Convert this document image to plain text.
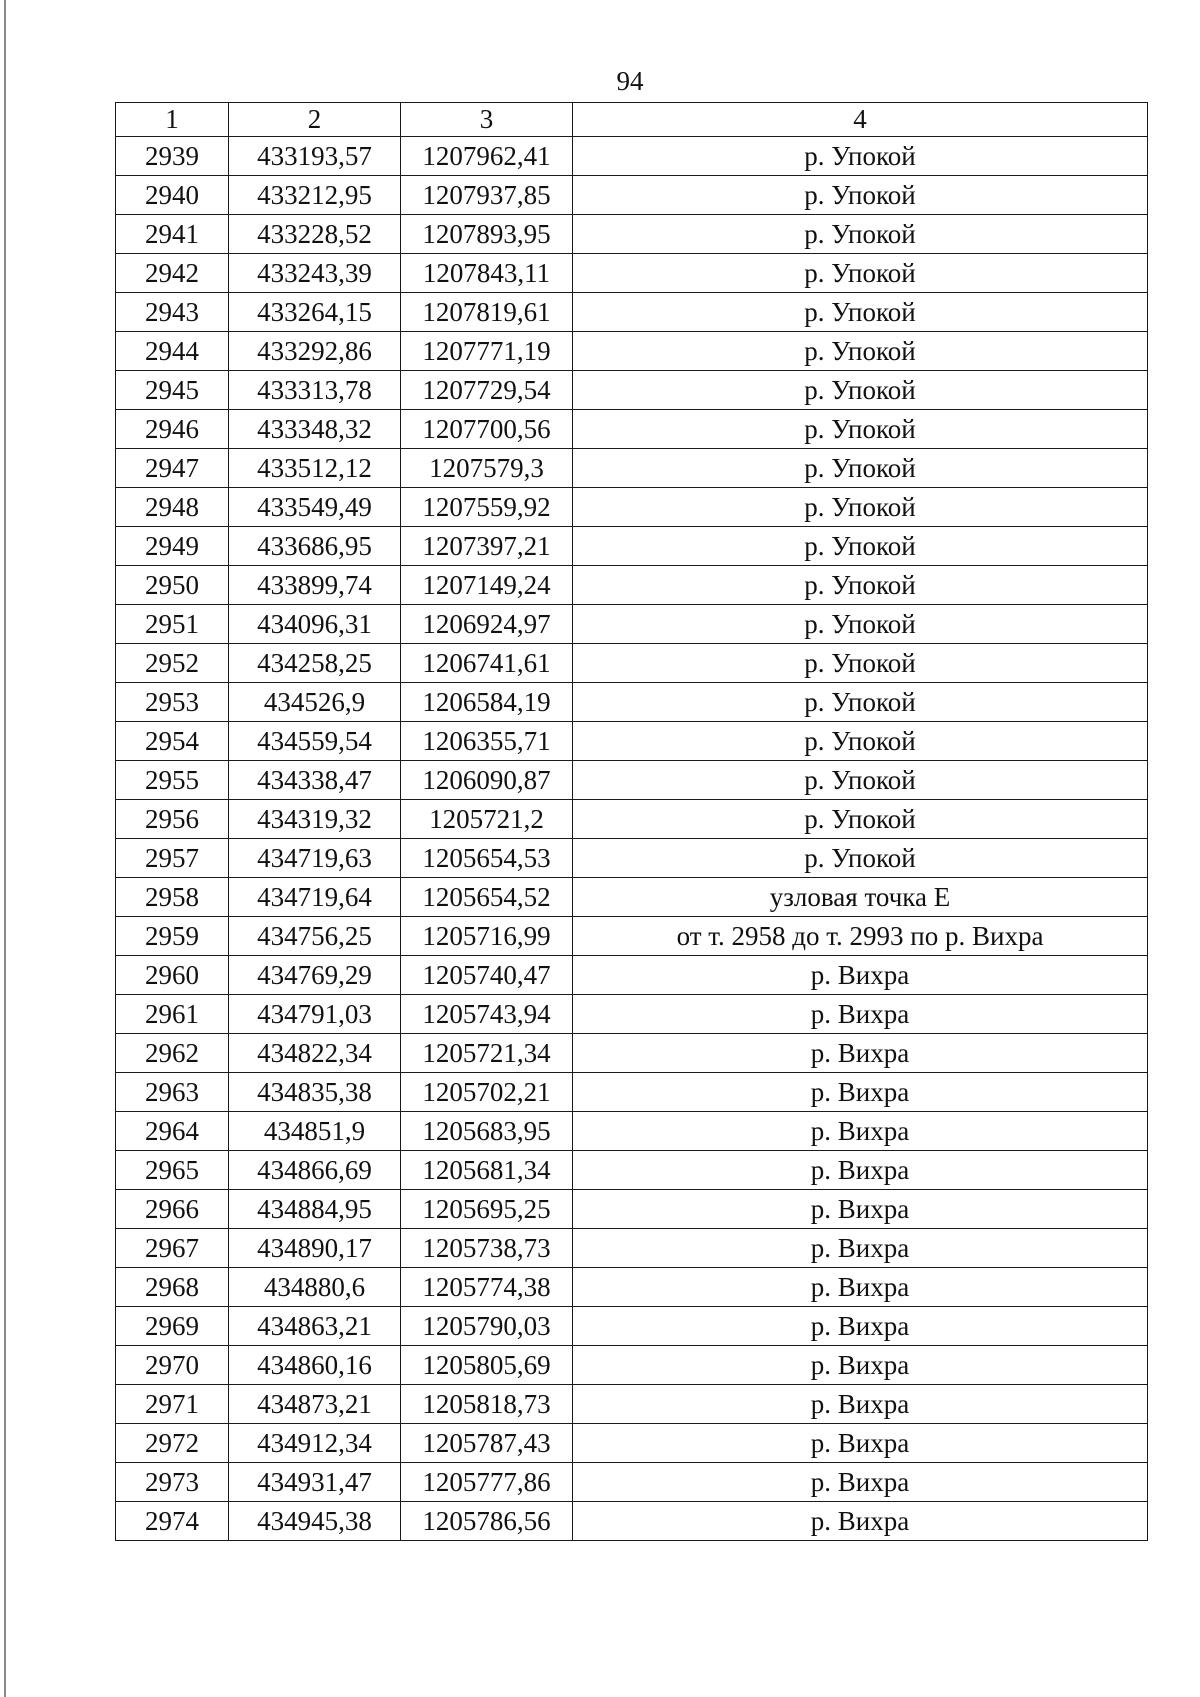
94
1	2	3	4
2939	433193,57	1207962,41	р. Упокой
2940	433212,95	1207937,85	р. Упокой
2941	433228,52	1207893,95	р. Упокой
2942	433243,39	1207843,11	р. Упокой
2943	433264,15	1207819,61	р. Упокой
2944	433292,86	1207771,19	р. Упокой
2945	433313,78	1207729,54	р. Упокой
2946	433348,32	1207700,56	р. Упокой
2947	433512,12	1207579,3	р. Упокой
2948	433549,49	1207559,92	р. Упокой
2949	433686,95	1207397,21	р. Упокой
2950	433899,74	1207149,24	р. Упокой
2951	434096,31	1206924,97	р. Упокой
2952	434258,25	1206741,61	р. Упокой
2953	434526,9	1206584,19	р. Упокой
2954	434559,54	1206355,71	р. Упокой
2955	434338,47	1206090,87	р. Упокой
2956	434319,32	1205721,2	р. Упокой
2957	434719,63	1205654,53	р. Упокой
2958	434719,64	1205654,52	узловая точка Е
2959	434756,25	1205716,99	от т. 2958 до т. 2993 по р. Вихра
2960	434769,29	1205740,47	р. Вихра
2961	434791,03	1205743,94	р. Вихра
2962	434822,34	1205721,34	р. Вихра
2963	434835,38	1205702,21	р. Вихра
2964	434851,9	1205683,95	р. Вихра
2965	434866,69	1205681,34	р. Вихра
2966	434884,95	1205695,25	р. Вихра
2967	434890,17	1205738,73	р. Вихра
2968	434880,6	1205774,38	р. Вихра
2969	434863,21	1205790,03	р. Вихра
2970	434860,16	1205805,69	р. Вихра
2971	434873,21	1205818,73	р. Вихра
2972	434912,34	1205787,43	р. Вихра
2973	434931,47	1205777,86	р. Вихра
2974	434945,38	1205786,56	р. Вихра
